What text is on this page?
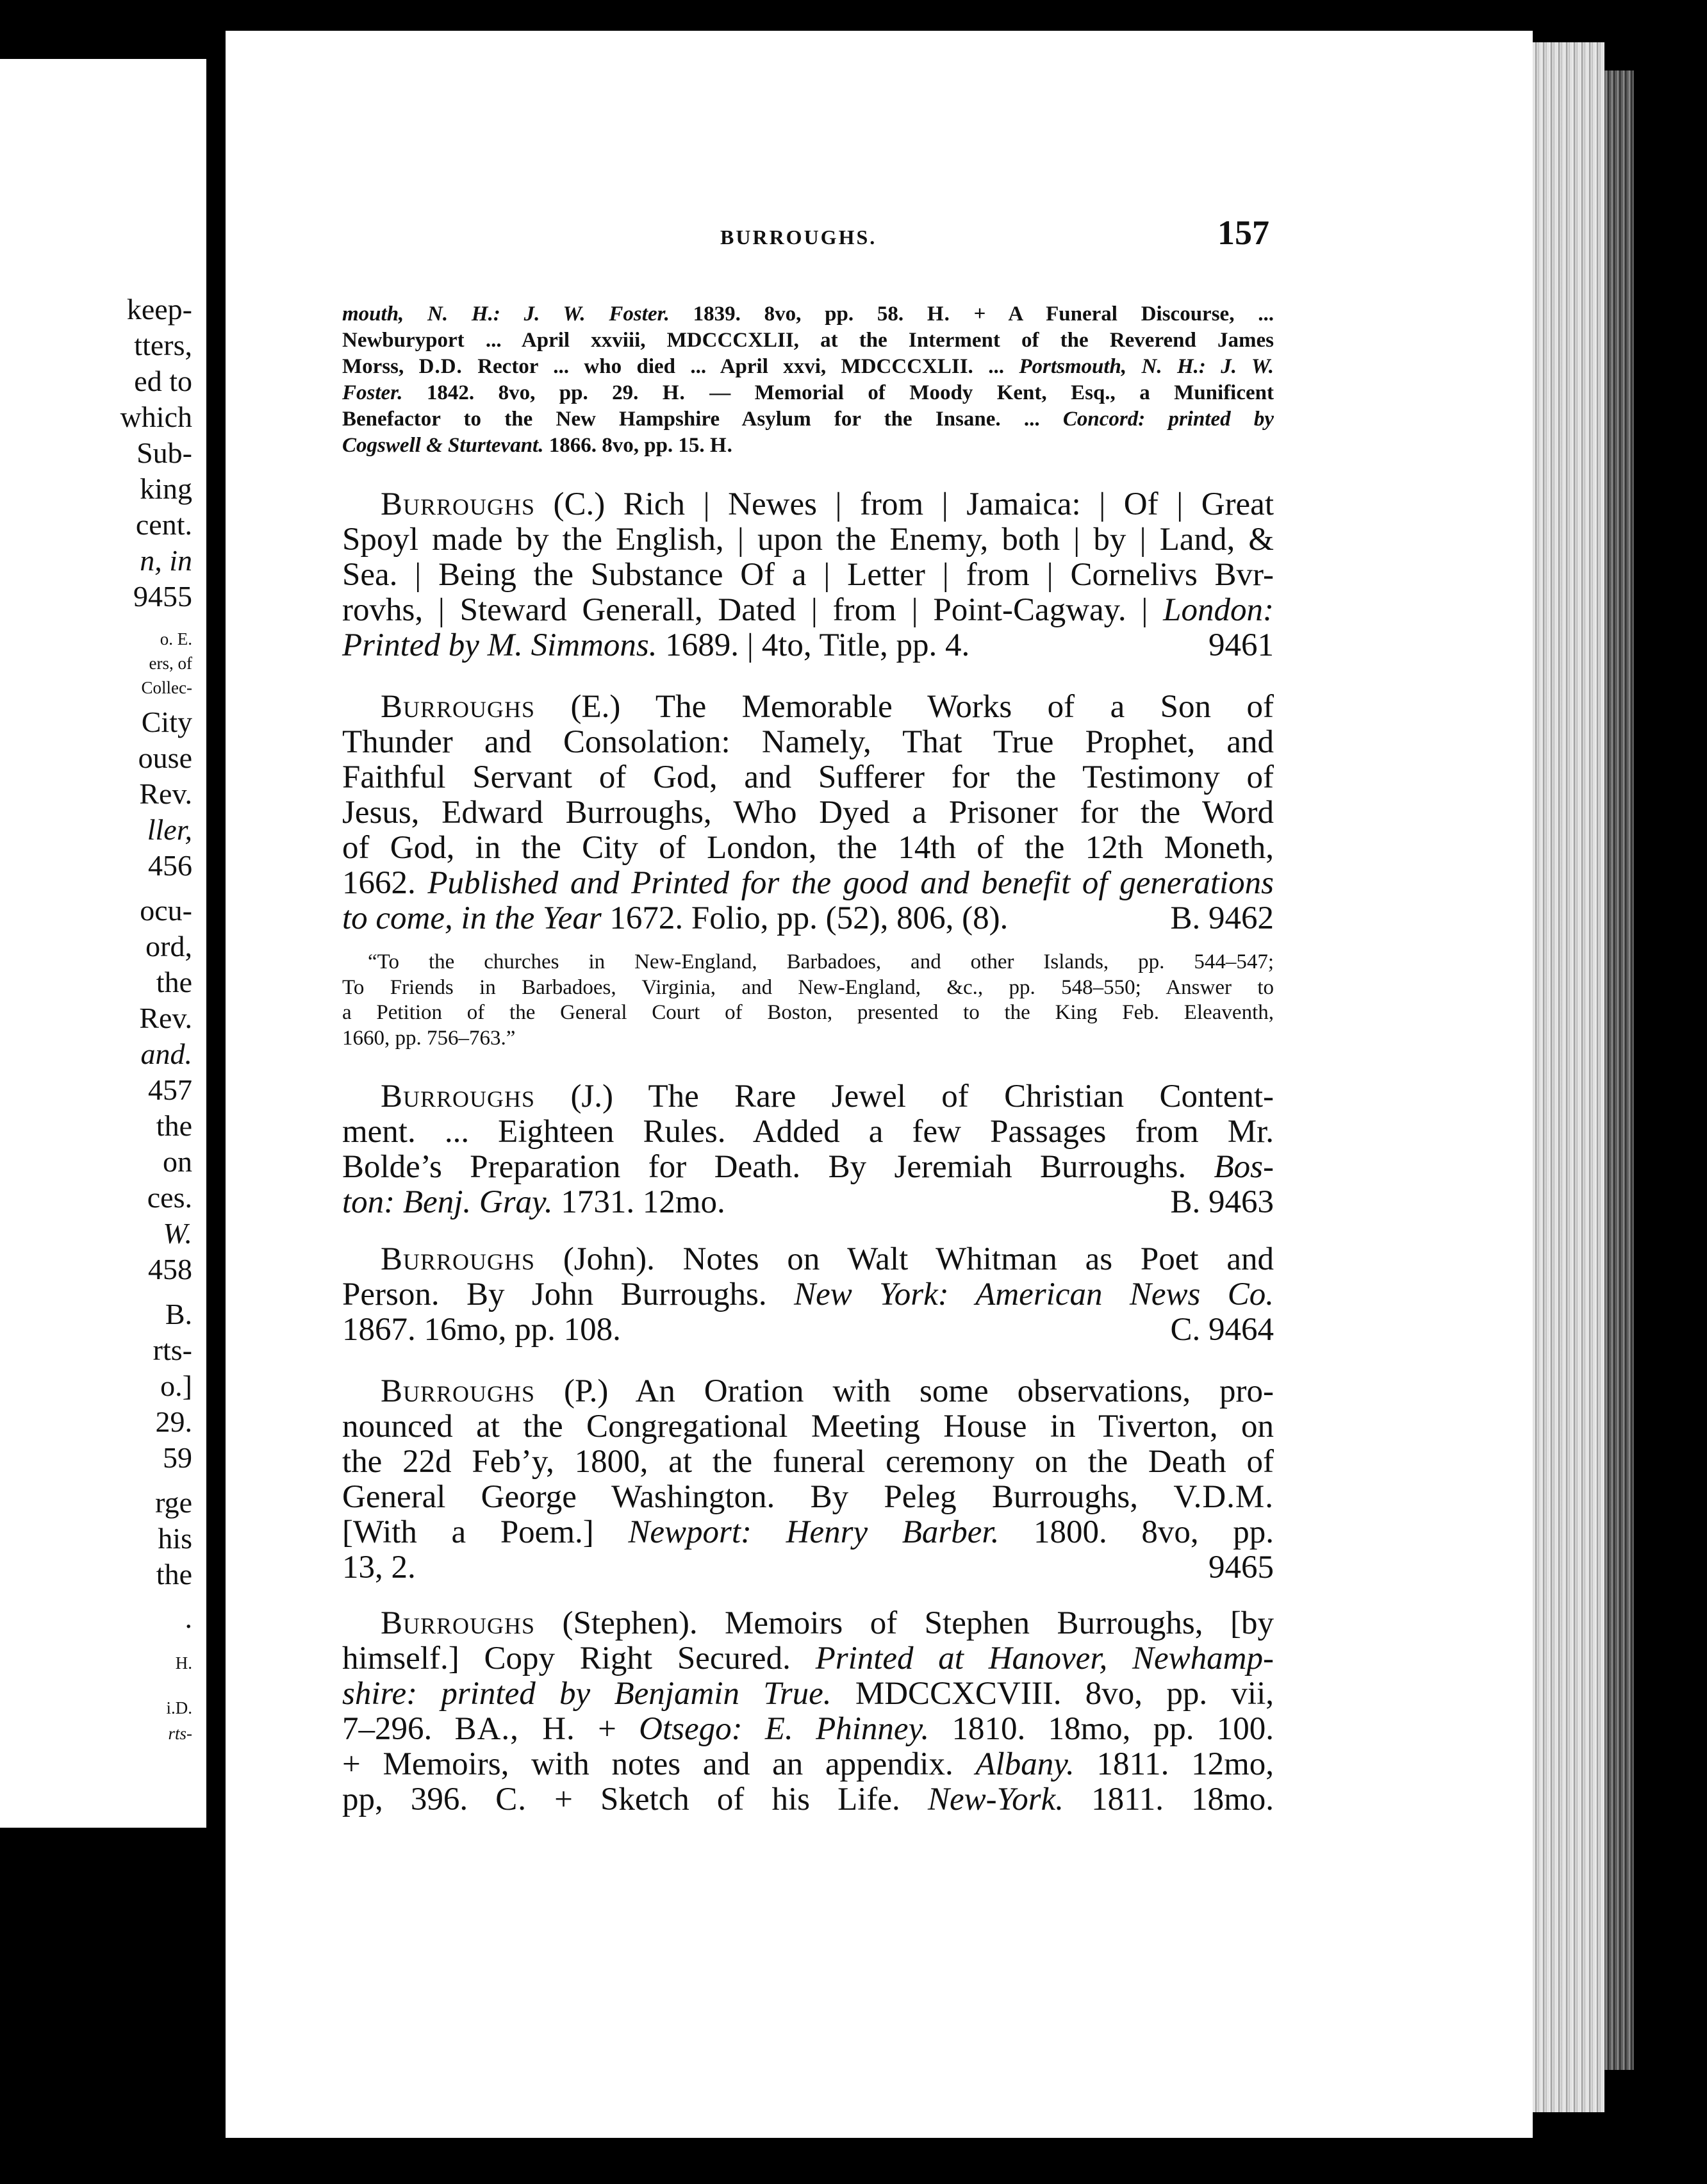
keep-
tters,
ed to
which
Sub-
king
cent.
n, in
9455
o. E.
ers, of
Collec-
City
ouse
Rev.
ller,
456
ocu-
ord,
the
Rev.
and.
457
the
on
ces.
W.
458
B.
rts-
o.]
29.
59
rge
his
the
.
H.
i.D.
rts-
BURROUGHS.	157
mouth, N. H.: J. W. Foster. 1839. 8vo, pp. 58. H. + A Funeral Discourse, ...
Newburyport ... April xxviii, MDCCCXLII, at the Interment of the Reverend James
Morss, D.D. Rector ... who died ... April xxvi, MDCCCXLII. ... Portsmouth, N. H.: J. W.
Foster. 1842. 8vo, pp. 29. H. — Memorial of Moody Kent, Esq., a Munificent
Benefactor to the New Hampshire Asylum for the Insane. ... Concord: printed by
Cogswell & Sturtevant. 1866. 8vo, pp. 15. H.
Burroughs (C.) Rich | Newes | from | Jamaica: | Of | Great
Spoyl made by the English, | upon the Enemy, both | by | Land, &
Sea. | Being the Substance Of a | Letter | from | Cornelivs Bvr-
rovhs, | Steward Generall, Dated | from | Point-Cagway. | London:
Printed by M. Simmons. 1689. | 4to, Title, pp. 4.	9461
Burroughs (E.) The Memorable Works of a Son of
Thunder and Consolation: Namely, That True Prophet, and
Faithful Servant of God, and Sufferer for the Testimony of
Jesus, Edward Burroughs, Who Dyed a Prisoner for the Word
of God, in the City of London, the 14th of the 12th Moneth,
1662. Published and Printed for the good and benefit of generations
to come, in the Year 1672. Folio, pp. (52), 806, (8).	B. 9462
“To the churches in New-England, Barbadoes, and other Islands, pp. 544–547;
To Friends in Barbadoes, Virginia, and New-England, &c., pp. 548–550; Answer to
a Petition of the General Court of Boston, presented to the King Feb. Eleaventh,
1660, pp. 756–763.”
Burroughs (J.) The Rare Jewel of Christian Content-
ment. ... Eighteen Rules. Added a few Passages from Mr.
Bolde’s Preparation for Death. By Jeremiah Burroughs. Bos-
ton: Benj. Gray. 1731. 12mo.	B. 9463
Burroughs (John). Notes on Walt Whitman as Poet and
Person. By John Burroughs. New York: American News Co.
1867. 16mo, pp. 108.	C. 9464
Burroughs (P.) An Oration with some observations, pro-
nounced at the Congregational Meeting House in Tiverton, on
the 22d Feb’y, 1800, at the funeral ceremony on the Death of
General George Washington. By Peleg Burroughs, V.D.M.
[With a Poem.] Newport: Henry Barber. 1800. 8vo, pp.
13, 2.	9465
Burroughs (Stephen). Memoirs of Stephen Burroughs, [by
himself.] Copy Right Secured. Printed at Hanover, Newhamp-
shire: printed by Benjamin True. MDCCXCVIII. 8vo, pp. vii,
7–296. BA., H. + Otsego: E. Phinney. 1810. 18mo, pp. 100.
+ Memoirs, with notes and an appendix. Albany. 1811. 12mo,
pp, 396. C. + Sketch of his Life. New-York. 1811. 18mo.
